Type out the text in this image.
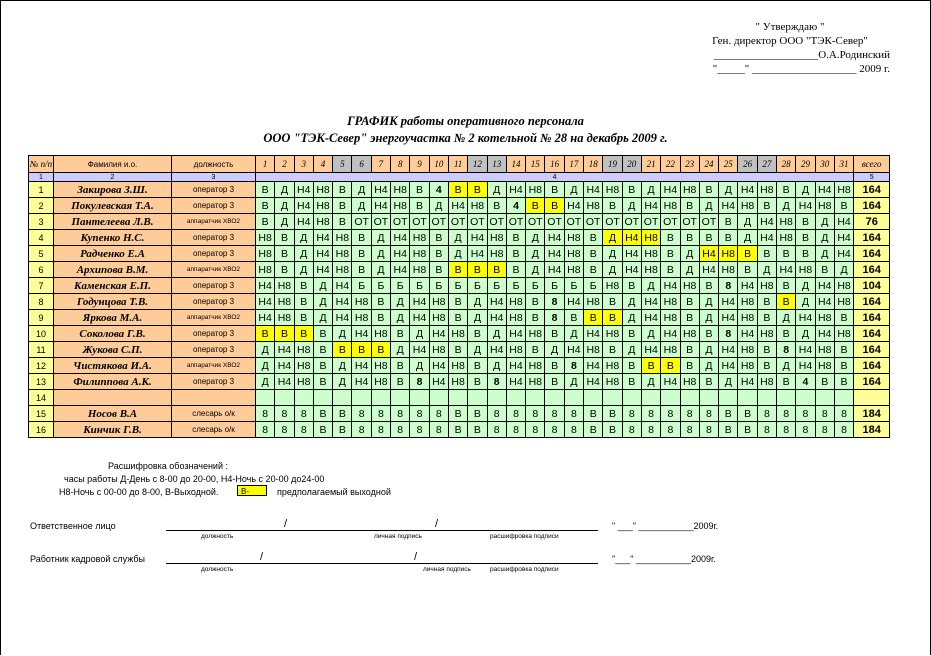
" Утверждаю "
Ген. директор ООО "ТЭК-Север"
___________________О.А.Родинский
"_____" ___________________ 2009 г.
ГРАФИК работы оперативного персонала
ООО "ТЭК-Север" энергоучастка № 2 котельной № 28 на декабрь 2009 г.
№ п/п	Фамилия и.о.	должность	1	2	3	4	5	6	7	8	9	10	11	12	13	14	15	16	17	18	19	20	21	22	23	24	25	26	27	28	29	30	31	всего
1	2	3	4																															5
1	Закирова З.Ш.	оператор 3	В	Д	Н4	Н8	В	Д	Н4	Н8	В	4	В	В	Д	Н4	Н8	В	Д	Н4	Н8	В	Д	Н4	Н8	В	Д	Н4	Н8	В	Д	Н4	Н8	164
2	Покулевская Т.А.	оператор 3	В	Д	Н4	Н8	В	Д	Н4	Н8	В	Д	Н4	Н8	В	4	В	В	Н4	Н8	В	Д	Н4	Н8	В	Д	Н4	Н8	В	Д	Н4	Н8	В	164
3	Пантелеева Л.В.	аппаратчик ХВО2	В	Д	Н4	Н8	В	ОТ	ОТ	ОТ	ОТ	ОТ	ОТ	ОТ	ОТ	ОТ	ОТ	ОТ	ОТ	ОТ	ОТ	ОТ	ОТ	ОТ	ОТ	ОТ	В	Д	Н4	Н8	В	Д	Н4	76
4	Купенко Н.С.	оператор 3	Н8	В	Д	Н4	Н8	В	Д	Н4	Н8	В	Д	Н4	Н8	В	Д	Н4	Н8	В	Д	Н4	Н8	В	В	В	В	Д	Н4	Н8	В	Д	Н4	164
5	Радченко Е.А	оператор 3	Н8	В	Д	Н4	Н8	В	Д	Н4	Н8	В	Д	Н4	Н8	В	Д	Н4	Н8	В	Д	Н4	Н8	В	Д	Н4	Н8	В	В	В	В	Д	Н4	164
6	Архипова В.М.	аппаратчик ХВО2	Н8	В	Д	Н4	Н8	В	Д	Н4	Н8	В	В	В	В	В	Д	Н4	Н8	В	Д	Н4	Н8	В	Д	Н4	Н8	В	Д	Н4	Н8	В	Д	164
7	Каменская Е.П.	оператор 3	Н4	Н8	В	Д	Н4	Б	Б	Б	Б	Б	Б	Б	Б	Б	Б	Б	Б	Б	Н8	В	Д	Н4	Н8	В	8	Н4	Н8	В	Д	Н4	Н8	104
8	Годунцова Т.В.	оператор 3	Н4	Н8	В	Д	Н4	Н8	В	Д	Н4	Н8	В	Д	Н4	Н8	В	8	Н4	Н8	В	Д	Н4	Н8	В	Д	Н4	Н8	В	В	Д	Н4	Н8	164
9	Яркова М.А.	аппаратчик ХВО2	Н4	Н8	В	Д	Н4	Н8	В	Д	Н4	Н8	В	Д	Н4	Н8	В	8	В	В	В	Д	Н4	Н8	В	Д	Н4	Н8	В	Д	Н4	Н8	В	164
10	Соколова Г.В.	оператор 3	В	В	В	В	Д	Н4	Н8	В	Д	Н4	Н8	В	Д	Н4	Н8	В	Д	Н4	Н8	В	Д	Н4	Н8	В	8	Н4	Н8	В	Д	Н4	Н8	164
11	Жукова С.П.	оператор 3	Д	Н4	Н8	В	В	В	В	Д	Н4	Н8	В	Д	Н4	Н8	В	Д	Н4	Н8	В	Д	Н4	Н8	В	Д	Н4	Н8	В	8	Н4	Н8	В	164
12	Чистякова И.А.	аппаратчик ХВО2	Д	Н4	Н8	В	Д	Н4	Н8	В	Д	Н4	Н8	В	Д	Н4	Н8	В	8	Н4	Н8	В	В	В	В	Д	Н4	Н8	В	Д	Н4	Н8	В	164
13	Филиппова А.К.	оператор 3	Д	Н4	Н8	В	Д	Н4	Н8	В	8	Н4	Н8	В	8	Н4	Н8	В	Д	Н4	Н8	В	Д	Н4	Н8	В	Д	Н4	Н8	В	4	В	В	164
14																																		
15	Носов В.А	слесарь о/к	8	8	8	В	В	8	8	8	8	8	В	В	8	8	8	8	8	В	В	8	8	8	8	8	В	В	8	8	8	8	8	184
16	Кинчик Г.В.	слесарь о/к	8	8	8	В	В	8	8	8	8	8	В	В	8	8	8	8	8	В	В	8	8	8	8	8	В	В	8	8	8	8	8	184
Расшифровка обозначений :
часы работы Д-День с 8-00 до 20-00, Н4-Ночь с 20-00 до24-00
Н8-Ночь с 00-00 до 8-00, В-Выходной.	В-	предполагаемый выходной
Ответственное лицо	/	/
должность	личная подпись	расшифровка подписи
" ___" ___________2009г.
Работник кадровой службы	/	/
должность	личная подпись	расшифровка подписи
"___" ___________2009г.
